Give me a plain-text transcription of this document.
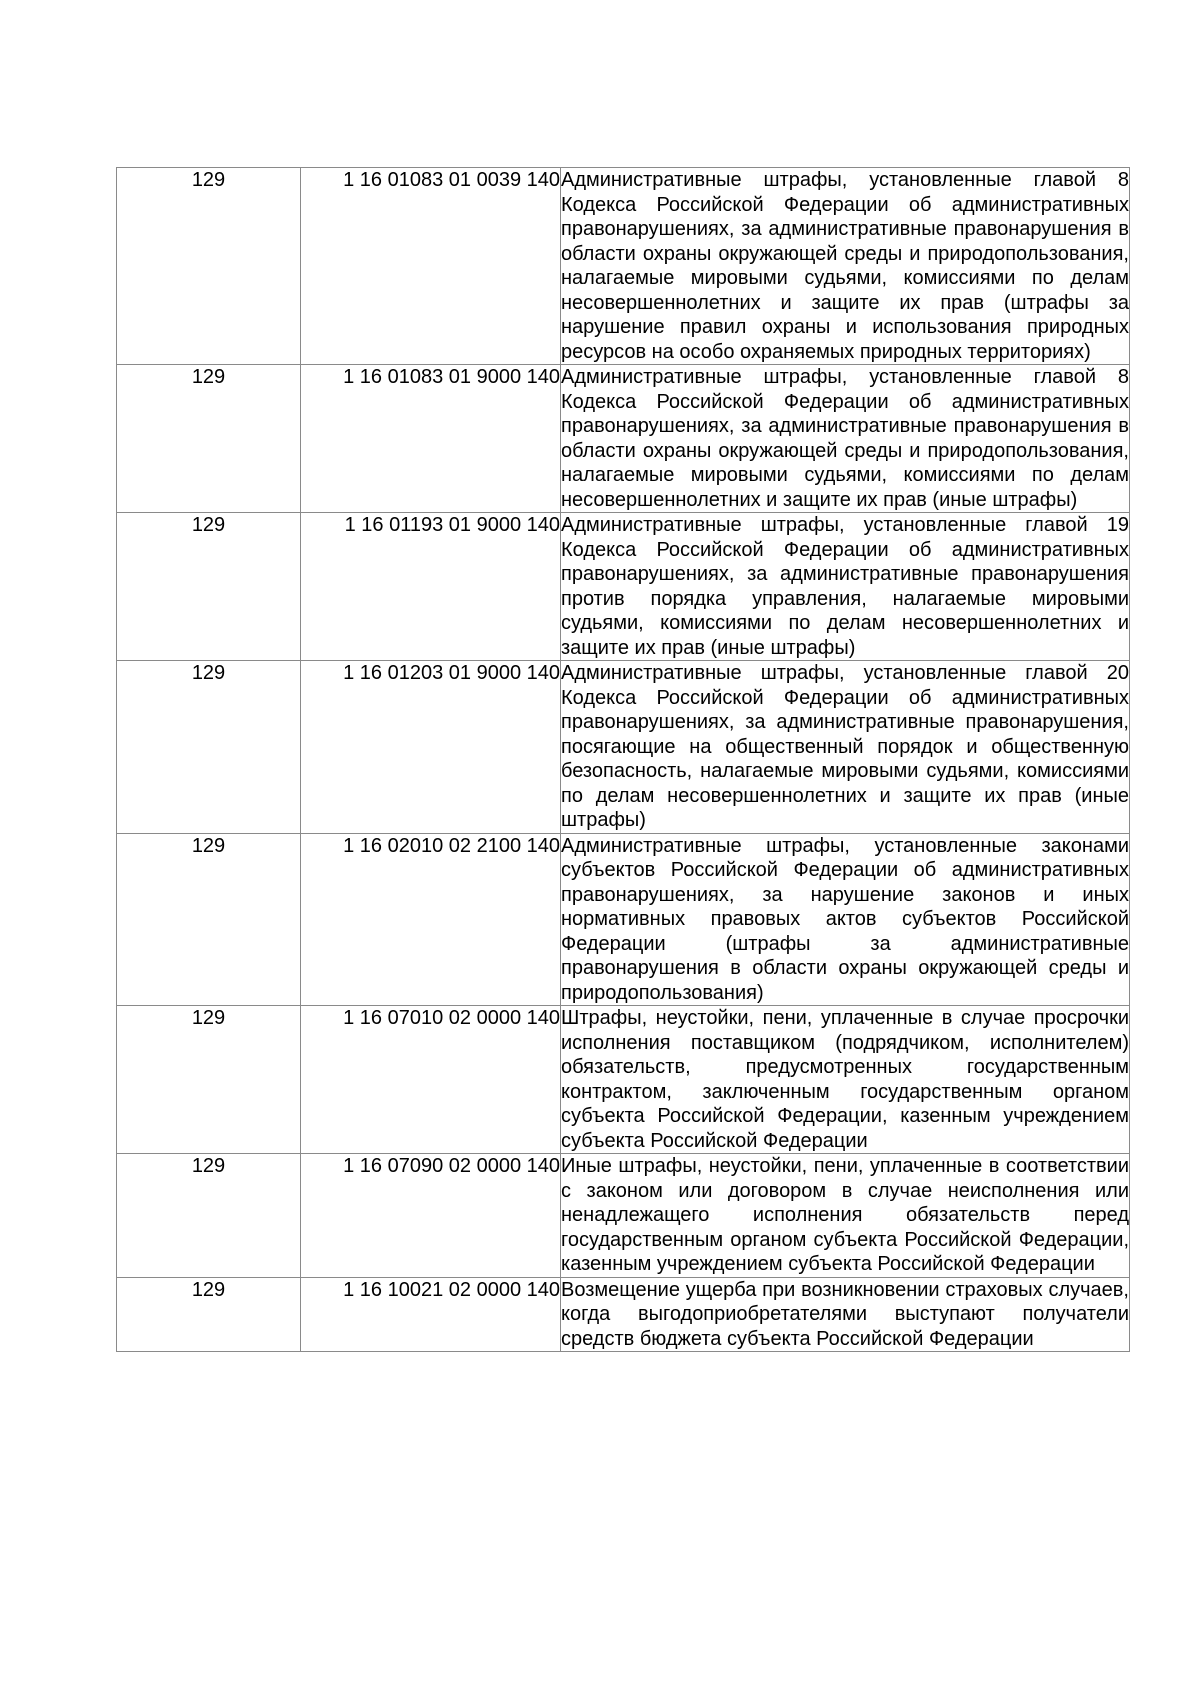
129	1 16 01083 01 0039 140	Административные штрафы, установленные главой 8 Кодекса Российской Федерации об административных правонарушениях, за административные правонарушения в области охраны окружающей среды и природопользования, налагаемые мировыми судьями, комиссиями по делам несовершеннолетних и защите их прав (штрафы за нарушение правил охраны и использования природных ресурсов на особо охраняемых природных территориях)

129	1 16 01083 01 9000 140	Административные штрафы, установленные главой 8 Кодекса Российской Федерации об административных правонарушениях, за административные правонарушения в области охраны окружающей среды и природопользования, налагаемые мировыми судьями, комиссиями по делам несовершеннолетних и защите их прав (иные штрафы)

129	1 16 01193 01 9000 140	Административные штрафы, установленные главой 19 Кодекса Российской Федерации об административных правонарушениях, за административные правонарушения против порядка управления, налагаемые мировыми судьями, комиссиями по делам несовершеннолетних и защите их прав (иные штрафы)

129	1 16 01203 01 9000 140	Административные штрафы, установленные главой 20 Кодекса Российской Федерации об административных правонарушениях, за административные правонарушения, посягающие на общественный порядок и общественную безопасность, налагаемые мировыми судьями, комиссиями по делам несовершеннолетних и защите их прав (иные штрафы)

129	1 16 02010 02 2100 140	Административные штрафы, установленные законами субъектов Российской Федерации об административных правонарушениях, за нарушение законов и иных нормативных правовых актов субъектов Российской Федерации (штрафы за административные правонарушения в области охраны окружающей среды и природопользования)

129	1 16 07010 02 0000 140	Штрафы, неустойки, пени, уплаченные в случае просрочки исполнения поставщиком (подрядчиком, исполнителем) обязательств, предусмотренных государственным контрактом, заключенным государственным органом субъекта Российской Федерации, казенным учреждением субъекта Российской Федерации

129	1 16 07090 02 0000 140	Иные штрафы, неустойки, пени, уплаченные в соответствии с законом или договором в случае неисполнения или ненадлежащего исполнения обязательств перед государственным органом субъекта Российской Федерации, казенным учреждением субъекта Российской Федерации

129	1 16 10021 02 0000 140	Возмещение ущерба при возникновении страховых случаев, когда выгодоприобретателями выступают получатели средств бюджета субъекта Российской Федерации
